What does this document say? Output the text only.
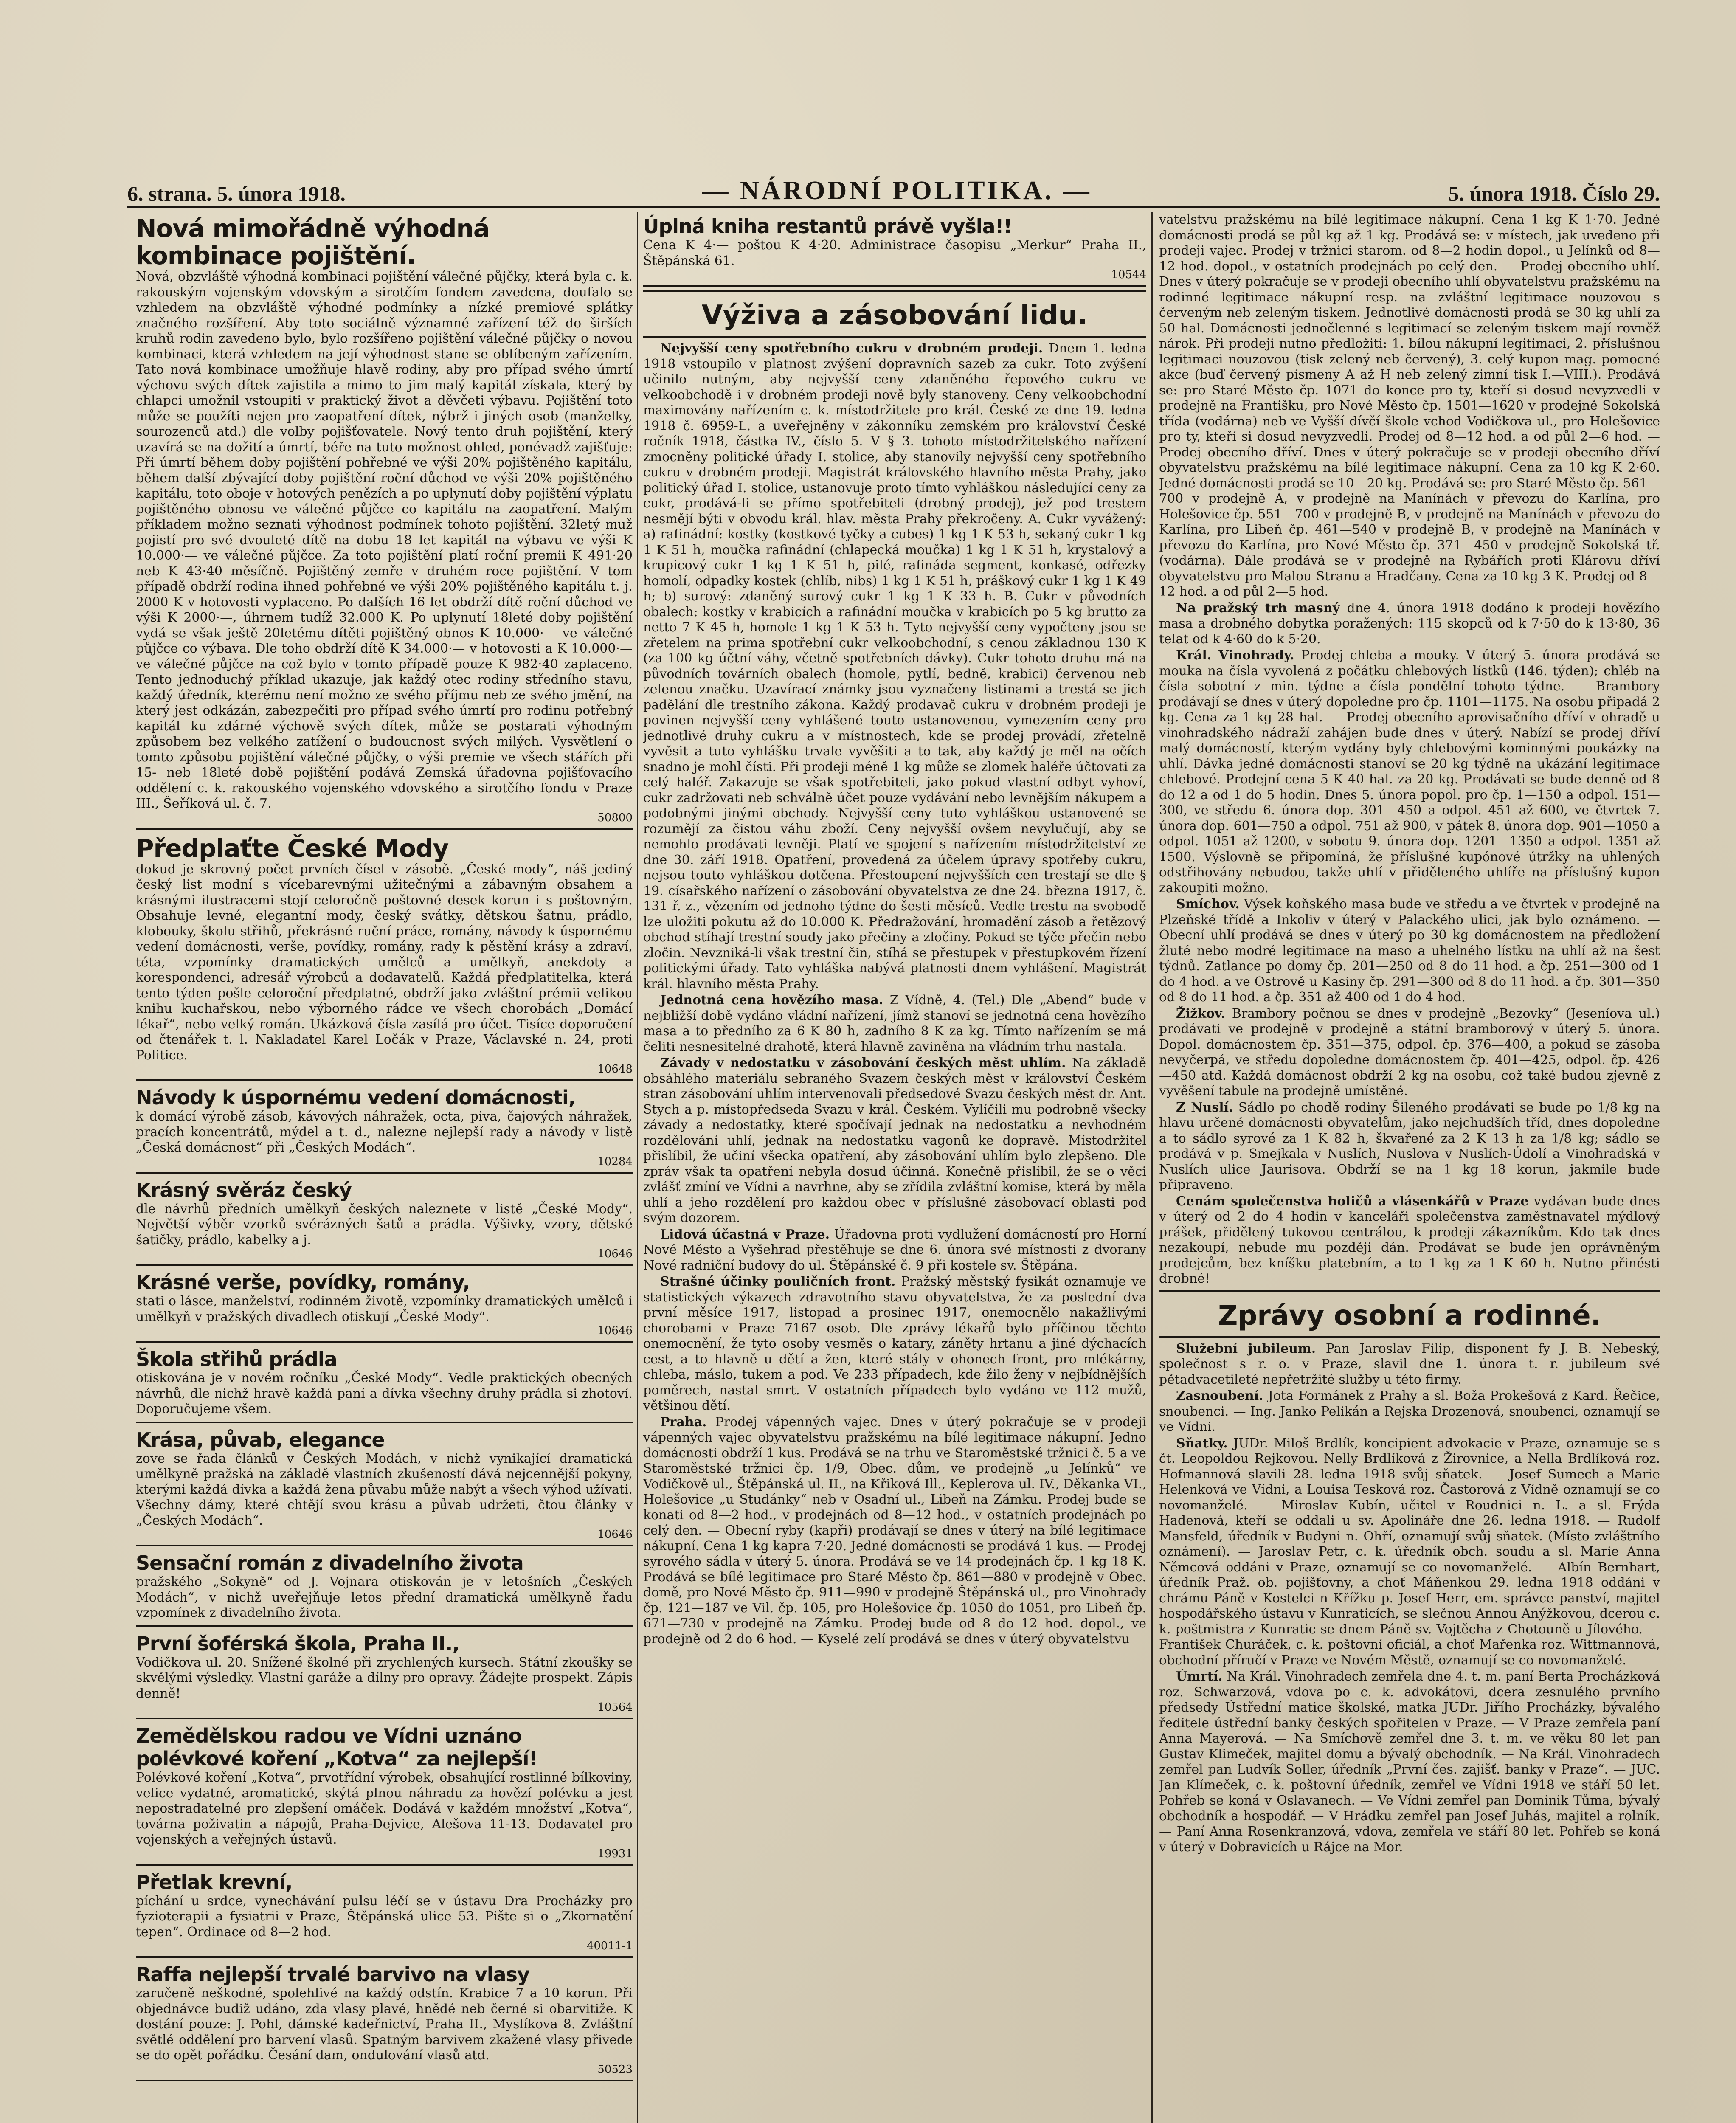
6. strana. 5. února 1918.	— NÁRODNÍ POLITIKA. —	5. února 1918. Číslo 29.
Nová mimořádně výhodná kombinace pojištění.
Nová, obzvláště výhodná kombinaci pojištění válečné půjčky, která byla c. k. rakouským vojenským vdovským a sirotčím fondem zavedena, doufalo se vzhledem na obzvláště výhodné podmínky a nízké premiové splátky značného rozšíření. Aby toto sociálně významné zařízení též do širších kruhů rodin zavedeno bylo, bylo rozšířeno pojištění válečné půjčky o novou kombinaci, která vzhledem na její výhodnost stane se oblíbeným zařízením. Tato nová kombinace umožňuje hlavě rodiny, aby pro případ svého úmrtí výchovu svých dítek zajistila a mimo to jim malý kapitál získala, který by chlapci umožnil vstoupiti v praktický život a děvčeti výbavu. Pojištění toto může se použíti nejen pro zaopatření dítek, nýbrž i jiných osob (manželky, sourozenců atd.) dle volby pojišťovatele. Nový tento druh pojištění, který uzavírá se na dožití a úmrtí, béře na tuto možnost ohled, ponévadž zajišťuje: Při úmrtí během doby pojištění pohřebné ve výši 20% pojištěného kapitálu, během další zbývající doby pojištění roční důchod ve výši 20% pojištěného kapitálu, toto oboje v hotových penězích a po uplynutí doby pojištění výplatu pojištěného obnosu ve válečné půjčce co kapitálu na zaopatření. Malým příkladem možno seznati výhodnost podmínek tohoto pojištění. 32letý muž pojistí pro své dvouleté dítě na dobu 18 let kapitál na výbavu ve výši K 10.000·— ve válečné půjčce. Za toto pojištění platí roční premii K 491·20 neb K 43·40 měsíčně. Pojištěný zemře v druhém roce pojištění. V tom případě obdrží rodina ihned pohřebné ve výši 20% pojištěného kapitálu t. j. 2000 K v hotovosti vyplaceno. Po dalších 16 let obdrží dítě roční důchod ve výši K 2000·—, úhrnem tudíž 32.000 K. Po uplynutí 18leté doby pojištění vydá se však ještě 20letému dítěti pojištěný obnos K 10.000·— ve válečné půjčce co výbava. Dle toho obdrží dítě K 34.000·— v hotovosti a K 10.000·— ve válečné půjčce na což bylo v tomto případě pouze K 982·40 zaplaceno. Tento jednoduchý příklad ukazuje, jak každý otec rodiny středního stavu, každý úředník, kterému není možno ze svého příjmu neb ze svého jmění, na který jest odkázán, zabezpečiti pro případ svého úmrtí pro rodinu potřebný kapitál ku zdárné výchově svých dítek, může se postarati výhodným způsobem bez velkého zatížení o budoucnost svých milých. Vysvětlení o tomto způsobu pojištění válečné půjčky, o výši premie ve všech stářích při 15- neb 18leté době pojištění podává Zemská úřadovna pojišťovacího oddělení c. k. rakouského vojenského vdovského a sirotčího fondu v Praze III., Šeříková ul. č. 7.
50800
Předplaťte České Mody
dokud je skrovný počet prvních čísel v zásobě. „České mody“, náš jediný český list modní s vícebarevnými užitečnými a zábavným obsahem a krásnými ilustracemi stojí celoročně poštovné desek korun i s poštovným. Obsahuje levné, elegantní mody, český svátky, dětskou šatnu, prádlo, klobouky, školu střihů, překrásné ruční práce, romány, návody k úspornému vedení domácnosti, verše, povídky, romány, rady k pěstění krásy a zdraví, téta, vzpomínky dramatických umělců a umělkyň, anekdoty a korespondenci, adresář výrobců a dodavatelů. Každá předplatitelka, která tento týden pošle celoroční předplatné, obdrží jako zvláštní prémii velikou knihu kuchařskou, nebo výborného rádce ve všech chorobách „Domácí lékař“, nebo velký román. Ukázková čísla zasílá pro účet. Tisíce doporučení od čtenářek t. l. Nakladatel Karel Ločák v Praze, Václavské n. 24, proti Politice.
10648
Návody k úspornému vedení domácnosti,
k domácí výrobě zásob, kávových náhražek, octa, piva, čajových náhražek, pracích koncentrátů, mýdel a t. d., nalezne nejlepší rady a návody v listě „Česká domácnost“ při „Českých Modách“.
10284
Krásný svěráz český
dle návrhů předních umělkyň českých naleznete v listě „České Mody“. Největší výběr vzorků svérázných šatů a prádla. Výšivky, vzory, dětské šatičky, prádlo, kabelky a j.
10646
Krásné verše, povídky, romány,
stati o lásce, manželství, rodinném životě, vzpomínky dramatických umělců i umělkyň v pražských divadlech otiskují „České Mody“.
10646
Škola střihů prádla
otiskována je v novém ročníku „České Mody“. Vedle praktických obecných návrhů, dle nichž hravě každá paní a dívka všechny druhy prádla si zhotoví. Doporučujeme všem.
Krása, půvab, elegance
zove se řada článků v Českých Modách, v nichž vynikající dramatická umělkyně pražská na základě vlastních zkušeností dává nejcennější pokyny, kterými každá dívka a každá žena půvabu může nabýt a všech výhod užívati. Všechny dámy, které chtějí svou krásu a půvab udržeti, čtou články v „Českých Modách“.
10646
Sensační román z divadelního života
pražského „Sokyně“ od J. Vojnara otiskován je v letošních „Českých Modách“, v nichž uveřejňuje letos přední dramatická umělkyně řadu vzpomínek z divadelního života.
První šoférská škola, Praha II.,
Vodičkova ul. 20. Snížené školné při zrychlených kursech. Státní zkoušky se skvělými výsledky. Vlastní garáže a dílny pro opravy. Žádejte prospekt. Zápis denně!
10564
Zemědělskou radou ve Vídni uznáno polévkové koření „Kotva“ za nejlepší!
Polévkové koření „Kotva“, prvotřídní výrobek, obsahující rostlinné bílkoviny, velice vydatné, aromatické, skýtá plnou náhradu za hovězí polévku a jest nepostradatelné pro zlepšení omáček. Dodává v každém množství „Kotva“, továrna poživatin a nápojů, Praha-Dejvice, Alešova 11-13. Dodavatel pro vojenských a veřejných ústavů.
19931
Přetlak krevní,
píchání u srdce, vynechávání pulsu léčí se v ústavu Dra Procházky pro fyzioterapii a fysiatrii v Praze, Štěpánská ulice 53. Pište si o „Zkornatění tepen“. Ordinace od 8—2 hod.
40011-1
Raffa nejlepší trvalé barvivo na vlasy
zaručeně neškodné, spolehlivé na každý odstín. Krabice 7 a 10 korun. Při objednávce budiž udáno, zda vlasy plavé, hnědé neb černé si obarvitiže. K dostání pouze: J. Pohl, dámské kadeřnictví, Praha II., Myslíkova 8. Zvláštní světlé oddělení pro barvení vlasů. Spatným barvivem zkažené vlasy přivede se do opět pořádku. Česání dam, ondulování vlasů atd.
50523
Úplná kniha restantů právě vyšla!!
Cena K 4·— poštou K 4·20. Administrace časopisu „Merkur“ Praha II., Štěpánská 61.
10544
Výživa a zásobování lidu.
Nejvyšší ceny spotřebního cukru v drobném prodeji. Dnem 1. ledna 1918 vstoupilo v platnost zvýšení dopravních sazeb za cukr. Toto zvýšení učinilo nutným, aby nejvyšší ceny zdaněného řepového cukru ve velkoobchodě i v drobném prodeji nově byly stanoveny. Ceny velkoobchodní maximovány nařízením c. k. místodržitele pro král. České ze dne 19. ledna 1918 č. 6959-L. a uveřejněny v zákonníku zemském pro království České ročník 1918, částka IV., číslo 5. V § 3. tohoto místodržitelského nařízení zmocněny politické úřady I. stolice, aby stanovily nejvyšší ceny spotřebního cukru v drobném prodeji. Magistrát královského hlavního města Prahy, jako politický úřad I. stolice, ustanovuje proto tímto vyhláškou následující ceny za cukr, prodává-li se přímo spotřebiteli (drobný prodej), jež pod trestem nesmějí býti v obvodu král. hlav. města Prahy překročeny. A. Cukr vyvážený: a) rafinádní: kostky (kostkové tyčky a cubes) 1 kg 1 K 53 h, sekaný cukr 1 kg 1 K 51 h, moučka rafinádní (chlapecká moučka) 1 kg 1 K 51 h, krystalový a krupicový cukr 1 kg 1 K 51 h, pilé, rafináda segment, konkasé, odřezky homolí, odpadky kostek (chlíb, nibs) 1 kg 1 K 51 h, práškový cukr 1 kg 1 K 49 h; b) surový: zdaněný surový cukr 1 kg 1 K 33 h. B. Cukr v původních obalech: kostky v krabicích a rafinádní moučka v krabicích po 5 kg brutto za netto 7 K 45 h, homole 1 kg 1 K 53 h. Tyto nejvyšší ceny vypočteny jsou se zřetelem na prima spotřební cukr velkoobchodní, s cenou základnou 130 K (za 100 kg účtní váhy, včetně spotřebních dávky). Cukr tohoto druhu má na původních továrních obalech (homole, pytlí, bedně, krabici) červenou neb zelenou značku. Uzavírací známky jsou vyznačeny listinami a trestá se jich padělání dle trestního zákona. Každý prodavač cukru v drobném prodeji je povinen nejvyšší ceny vyhlášené touto ustanovenou, vymezením ceny pro jednotlivé druhy cukru a v místnostech, kde se prodej provádí, zřetelně vyvěsit a tuto vyhlášku trvale vyvěšiti a to tak, aby každý je měl na očích snadno je mohl čísti. Při prodeji méně 1 kg může se zlomek haléře účtovati za celý haléř. Zakazuje se však spotřebiteli, jako pokud vlastní odbyt vyhoví, cukr zadržovati neb schválně účet pouze vydávání nebo levnějším nákupem a podobnými jinými obchody. Nejvyšší ceny tuto vyhláškou ustanovené se rozumějí za čistou váhu zboží. Ceny nejvyšší ovšem nevylučují, aby se nemohlo prodávati levněji. Platí ve spojení s nařízením místodržitelství ze dne 30. září 1918. Opatření, provedená za účelem úpravy spotřeby cukru, nejsou touto vyhláškou dotčena. Přestoupení nejvyšších cen trestají se dle § 19. císařského nařízení o zásobování obyvatelstva ze dne 24. března 1917, č. 131 ř. z., vězením od jednoho týdne do šesti měsíců. Vedle trestu na svobodě lze uložiti pokutu až do 10.000 K. Předražování, hromadění zásob a řetězový obchod stíhají trestní soudy jako přečiny a zločiny. Pokud se týče přečin nebo zločin. Nevzniká-li však trestní čin, stíhá se přestupek v přestupkovém řízení politickými úřady. Tato vyhláška nabývá platnosti dnem vyhlášení. Magistrát král. hlavního města Prahy.
Jednotná cena hovězího masa. Z Vídně, 4. (Tel.) Dle „Abend“ bude v nejbližší době vydáno vládní nařízení, jímž stanoví se jednotná cena hovězího masa a to předního za 6 K 80 h, zadního 8 K za kg. Tímto nařízením se má čeliti nesnesitelné drahotě, která hlavně zaviněna na vládním trhu nastala.
Závady v nedostatku v zásobování českých měst uhlím. Na základě obsáhlého materiálu sebraného Svazem českých měst v království Českém stran zásobování uhlím intervenovali předsedové Svazu českých měst dr. Ant. Stych a p. místopředseda Svazu v král. Českém. Vylíčili mu podrobně všecky závady a nedostatky, které spočívají jednak na nedostatku a nevhodném rozdělování uhlí, jednak na nedostatku vagonů ke dopravě. Místodržitel přislíbil, že učiní všecka opatření, aby zásobování uhlím bylo zlepšeno. Dle zpráv však ta opatření nebyla dosud účinná. Konečně přislíbil, že se o věci zvlášť zmíní ve Vídni a navrhne, aby se zřídila zvláštní komise, která by měla uhlí a jeho rozdělení pro každou obec v příslušné zásobovací oblasti pod svým dozorem.
Lidová účastná v Praze. Úřadovna proti vydlužení domácností pro Horní Nové Město a Vyšehrad přestěhuje se dne 6. února své místnosti z dvorany Nové radniční budovy do ul. Štěpánské č. 9 při kostele sv. Štěpána.
Strašné účinky pouličních front. Pražský městský fysikát oznamuje ve statistických výkazech zdravotního stavu obyvatelstva, že za poslední dva první měsíce 1917, listopad a prosinec 1917, onemocnělo nakažlivými chorobami v Praze 7167 osob. Dle zprávy lékařů bylo příčinou těchto onemocnění, že tyto osoby vesměs o katary, záněty hrtanu a jiné dýchacích cest, a to hlavně u dětí a žen, které stály v ohonech front, pro mlékárny, chleba, máslo, tukem a pod. Ve 233 případech, kde žilo ženy v nejbídnějších poměrech, nastal smrt. V ostatních případech bylo vydáno ve 112 mužů, většinou dětí.
Praha. Prodej vápenných vajec. Dnes v úterý pokračuje se v prodeji vápenných vajec obyvatelstvu pražskému na bílé legitimace nákupní. Jedno domácnosti obdrží 1 kus. Prodává se na trhu ve Staroměstské tržnici č. 5 a ve Staroměstské tržnici čp. 1/9, Obec. dům, ve prodejně „u Jelínků“ ve Vodičkově ul., Štěpánská ul. II., na Křiková Ill., Keplerova ul. IV., Děkanka VI., Holešovice „u Studánky“ neb v Osadní ul., Libeň na Zámku. Prodej bude se konati od 8—2 hod., v prodejnách od 8—12 hod., v ostatních prodejnách po celý den. — Obecní ryby (kapři) prodávají se dnes v úterý na bílé legitimace nákupní. Cena 1 kg kapra 7·20. Jedné domácnosti se prodává 1 kus. — Prodej syrového sádla v úterý 5. února. Prodává se ve 14 prodejnách čp. 1 kg 18 K. Prodává se bílé legitimace pro Staré Město čp. 861—880 v prodejně v Obec. domě, pro Nové Město čp. 911—990 v prodejně Štěpánská ul., pro Vinohrady čp. 121—187 ve Vil. čp. 105, pro Holešovice čp. 1050 do 1051, pro Libeň čp. 671—730 v prodejně na Zámku. Prodej bude od 8 do 12 hod. dopol., ve prodejně od 2 do 6 hod. — Kyselé zelí prodává se dnes v úterý obyvatelstvu
vatelstvu pražskému na bílé legitimace nákupní. Cena 1 kg K 1·70. Jedné domácnosti prodá se půl kg až 1 kg. Prodává se: v místech, jak uvedeno při prodeji vajec. Prodej v tržnici starom. od 8—2 hodin dopol., u Jelínků od 8—12 hod. dopol., v ostatních prodejnách po celý den. — Prodej obecního uhlí. Dnes v úterý pokračuje se v prodeji obecního uhlí obyvatelstvu pražskému na rodinné legitimace nákupní resp. na zvláštní legitimace nouzovou s červeným neb zeleným tiskem. Jednotlivé domácnosti prodá se 30 kg uhlí za 50 hal. Domácnosti jednočlenné s legitimací se zeleným tiskem mají rovněž nárok. Při prodeji nutno předložiti: 1. bílou nákupní legitimaci, 2. příslušnou legitimaci nouzovou (tisk zelený neb červený), 3. celý kupon mag. pomocné akce (buď červený písmeny A až H neb zelený zimní tisk I.—VIII.). Prodává se: pro Staré Město čp. 1071 do konce pro ty, kteří si dosud nevyzvedli v prodejně na Františku, pro Nové Město čp. 1501—1620 v prodejně Sokolská třída (vodárna) neb ve Vyšší dívčí škole vchod Vodičkova ul., pro Holešovice pro ty, kteří si dosud nevyzvedli. Prodej od 8—12 hod. a od půl 2—6 hod. — Prodej obecního dříví. Dnes v úterý pokračuje se v prodeji obecního dříví obyvatelstvu pražskému na bílé legitimace nákupní. Cena za 10 kg K 2·60. Jedné domácnosti prodá se 10—20 kg. Prodává se: pro Staré Město čp. 561—700 v prodejně A, v prodejně na Manínách v převozu do Karlína, pro Holešovice čp. 551—700 v prodejně B, v prodejně na Manínách v převozu do Karlína, pro Libeň čp. 461—540 v prodejně B, v prodejně na Manínách v převozu do Karlína, pro Nové Město čp. 371—450 v prodejně Sokolská tř. (vodárna). Dále prodává se v prodejně na Rybářích proti Klárovu dříví obyvatelstvu pro Malou Stranu a Hradčany. Cena za 10 kg 3 K. Prodej od 8—12 hod. a od půl 2—5 hod.
Na pražský trh masný dne 4. února 1918 dodáno k prodeji hovězího masa a drobného dobytka poražených: 115 skopců od k 7·50 do k 13·80, 36 telat od k 4·60 do k 5·20.
Král. Vinohrady. Prodej chleba a mouky. V úterý 5. února prodává se mouka na čísla vyvolená z počátku chlebových lístků (146. týden); chléb na čísla sobotní z min. týdne a čísla pondělní tohoto týdne. — Brambory prodávají se dnes v úterý dopoledne pro čp. 1101—1175. Na osobu připadá 2 kg. Cena za 1 kg 28 hal. — Prodej obecního aprovisačního dříví v ohradě u vinohradského nádraží zahájen bude dnes v úterý. Nabízí se prodej dříví malý domácností, kterým vydány byly chlebovými kominnými poukázky na uhlí. Dávka jedné domácnosti stanoví se 20 kg týdně na ukázání legitimace chlebové. Prodejní cena 5 K 40 hal. za 20 kg. Prodávati se bude denně od 8 do 12 a od 1 do 5 hodin. Dnes 5. února popol. pro čp. 1—150 a odpol. 151—300, ve středu 6. února dop. 301—450 a odpol. 451 až 600, ve čtvrtek 7. února dop. 601—750 a odpol. 751 až 900, v pátek 8. února dop. 901—1050 a odpol. 1051 až 1200, v sobotu 9. února dop. 1201—1350 a odpol. 1351 až 1500. Výslovně se připomíná, že příslušné kupónové útržky na uhlených odstřihovány nebudou, takže uhlí v přiděleného uhlíře na příslušný kupon zakoupiti možno.
Smíchov. Výsek koňského masa bude ve středu a ve čtvrtek v prodejně na Plzeňské třídě a Inkoliv v úterý v Palackého ulici, jak bylo oznámeno. — Obecní uhlí prodává se dnes v úterý po 30 kg domácnostem na předložení žluté nebo modré legitimace na maso a uhelného lístku na uhlí až na šest týdnů. Zatlance po domy čp. 201—250 od 8 do 11 hod. a čp. 251—300 od 1 do 4 hod. a ve Ostrově u Kasiny čp. 291—300 od 8 do 11 hod. a čp. 301—350 od 8 do 11 hod. a čp. 351 až 400 od 1 do 4 hod.
Žižkov. Brambory počnou se dnes v prodejně „Bezovky“ (Jeseníova ul.) prodávati ve prodejně v prodejně a státní bramborový v úterý 5. února. Dopol. domácnostem čp. 351—375, odpol. čp. 376—400, a pokud se zásoba nevyčerpá, ve středu dopoledne domácnostem čp. 401—425, odpol. čp. 426—450 atd. Každá domácnost obdrží 2 kg na osobu, což také budou zjevně z vyvěšení tabule na prodejně umístěné.
Z Nuslí. Sádlo po chodě rodiny Šileného prodávati se bude po 1/8 kg na hlavu určené domácnosti obyvatelům, jako nejchudších tříd, dnes dopoledne a to sádlo syrové za 1 K 82 h, škvařené za 2 K 13 h za 1/8 kg; sádlo se prodává v p. Smejkala v Nuslích, Nuslova v Nuslích-Údolí a Vinohradská v Nuslích ulice Jaurisova. Obdrží se na 1 kg 18 korun, jakmile bude připraveno.
Cenám společenstva holičů a vlásenkářů v Praze vydávan bude dnes v úterý od 2 do 4 hodin v kanceláři společenstva zaměstnavatel mýdlový prášek, přidělený tukovou centrálou, k prodeji zákazníkům. Kdo tak dnes nezakoupí, nebude mu později dán. Prodávat se bude jen oprávněným prodejcům, bez kníšku platebním, a to 1 kg za 1 K 60 h. Nutno přinésti drobné!
Zprávy osobní a rodinné.
Služební jubileum. Pan Jaroslav Filip, disponent fy J. B. Nebeský, společnost s r. o. v Praze, slavil dne 1. února t. r. jubileum své pětadvacetileté nepřetržité služby u této firmy.
Zasnoubení. Jota Formánek z Prahy a sl. Boža Prokešová z Kard. Řečice, snoubenci. — Ing. Janko Pelikán a Rejska Drozenová, snoubenci, oznamují se ve Vídni.
Sňatky. JUDr. Miloš Brdlík, koncipient advokacie v Praze, oznamuje se s čt. Leopoldou Rejkovou. Nelly Brdlíková z Žirovnice, a Nella Brdlíková roz. Hofmannová slavili 28. ledna 1918 svůj sňatek. — Josef Sumech a Marie Helenková ve Vídni, a Louisa Tesková roz. Častorová z Vídně oznamují se co novomanželé. — Miroslav Kubín, učitel v Roudnici n. L. a sl. Frýda Hadenová, kteří se oddali u sv. Apolináře dne 26. ledna 1918. — Rudolf Mansfeld, úředník v Budyni n. Ohří, oznamují svůj sňatek. (Místo zvláštního oznámení). — Jaroslav Petr, c. k. úředník obch. soudu a sl. Marie Anna Němcová oddáni v Praze, oznamují se co novomanželé. — Albín Bernhart, úředník Praž. ob. pojišťovny, a choť Máňenkou 29. ledna 1918 oddáni v chrámu Páně v Kostelci n Křížku p. Josef Herr, em. správce panství, majitel hospodářského ústavu v Kunraticích, se slečnou Annou Anýžkovou, dcerou c. k. poštmistra z Kunratic se dnem Páně sv. Vojtěcha z Chotouně u Jílového. — František Churáček, c. k. poštovní oficiál, a choť Mařenka roz. Wittmannová, obchodní příručí v Praze ve Novém Městě, oznamují se co novomanželé.
Úmrtí. Na Král. Vinohradech zemřela dne 4. t. m. paní Berta Procházková roz. Schwarzová, vdova po c. k. advokátovi, dcera zesnulého prvního předsedy Ústřední matice školské, matka JUDr. Jiřího Procházky, bývalého ředitele ústřední banky českých spořitelen v Praze. — V Praze zemřela paní Anna Mayerová. — Na Smíchově zemřel dne 3. t. m. ve věku 80 let pan Gustav Klimeček, majitel domu a bývalý obchodník. — Na Král. Vinohradech zemřel pan Ludvík Soller, úředník „První čes. zajišť. banky v Praze“. — JUC. Jan Klímeček, c. k. poštovní úředník, zemřel ve Vídni 1918 ve stáří 50 let. Pohřeb se koná v Oslavanech. — Ve Vídni zemřel pan Dominik Tůma, bývalý obchodník a hospodář. — V Hrádku zemřel pan Josef Juhás, majitel a rolník. — Paní Anna Rosenkranzová, vdova, zemřela ve stáří 80 let. Pohřeb se koná v úterý v Dobravicích u Rájce na Mor.
